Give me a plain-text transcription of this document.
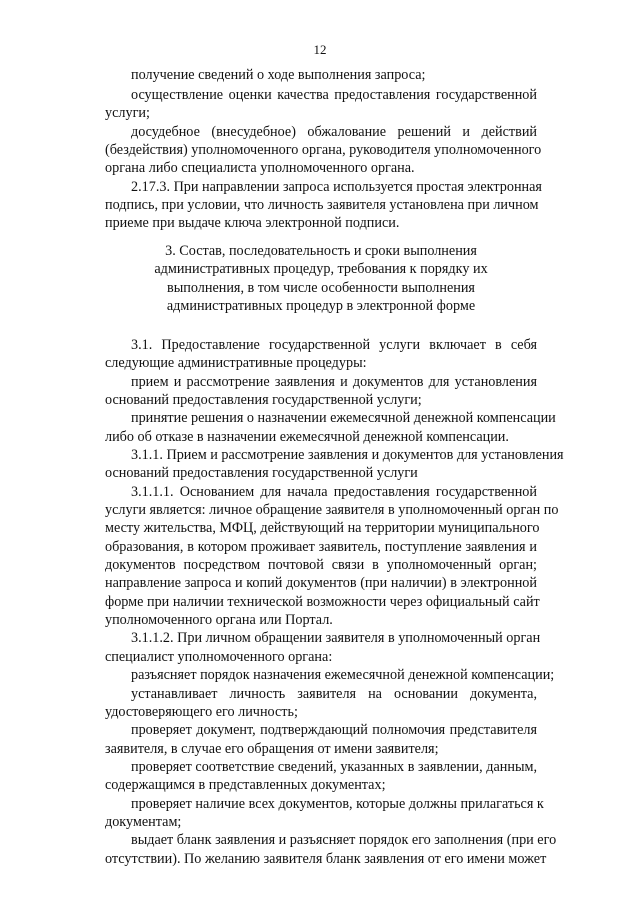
12
получение сведений о ходе выполнения запроса;
осуществление оценки качества предоставления государственной
услуги;
досудебное (внесудебное) обжалование решений и действий
(бездействия) уполномоченного органа, руководителя уполномоченного
органа либо специалиста уполномоченного органа.
2.17.3. При направлении запроса используется простая электронная
подпись, при условии, что личность заявителя установлена при личном
приеме при выдаче ключа электронной подписи.
3. Состав, последовательность и сроки выполнения
административных процедур, требования к порядку их
выполнения, в том числе особенности выполнения
административных процедур в электронной форме
3.1. Предоставление государственной услуги включает в себя
следующие административные процедуры:
прием и рассмотрение заявления и документов для установления
оснований предоставления государственной услуги;
принятие решения о назначении ежемесячной денежной компенсации
либо об отказе в назначении ежемесячной денежной компенсации.
3.1.1. Прием и рассмотрение заявления и документов для установления
оснований предоставления государственной услуги
3.1.1.1. Основанием для начала предоставления государственной
услуги является: личное обращение заявителя в уполномоченный орган по
месту жительства, МФЦ, действующий на территории муниципального
образования, в котором проживает заявитель, поступление заявления и
документов посредством почтовой связи в уполномоченный орган;
направление запроса и копий документов (при наличии) в электронной
форме при наличии технической возможности через официальный сайт
уполномоченного органа или Портал.
3.1.1.2. При личном обращении заявителя в уполномоченный орган
специалист уполномоченного органа:
разъясняет порядок назначения ежемесячной денежной компенсации;
устанавливает личность заявителя на основании документа,
удостоверяющего его личность;
проверяет документ, подтверждающий полномочия представителя
заявителя, в случае его обращения от имени заявителя;
проверяет соответствие сведений, указанных в заявлении, данным,
содержащимся в представленных документах;
проверяет наличие всех документов, которые должны прилагаться к
документам;
выдает бланк заявления и разъясняет порядок его заполнения (при его
отсутствии). По желанию заявителя бланк заявления от его имени может
